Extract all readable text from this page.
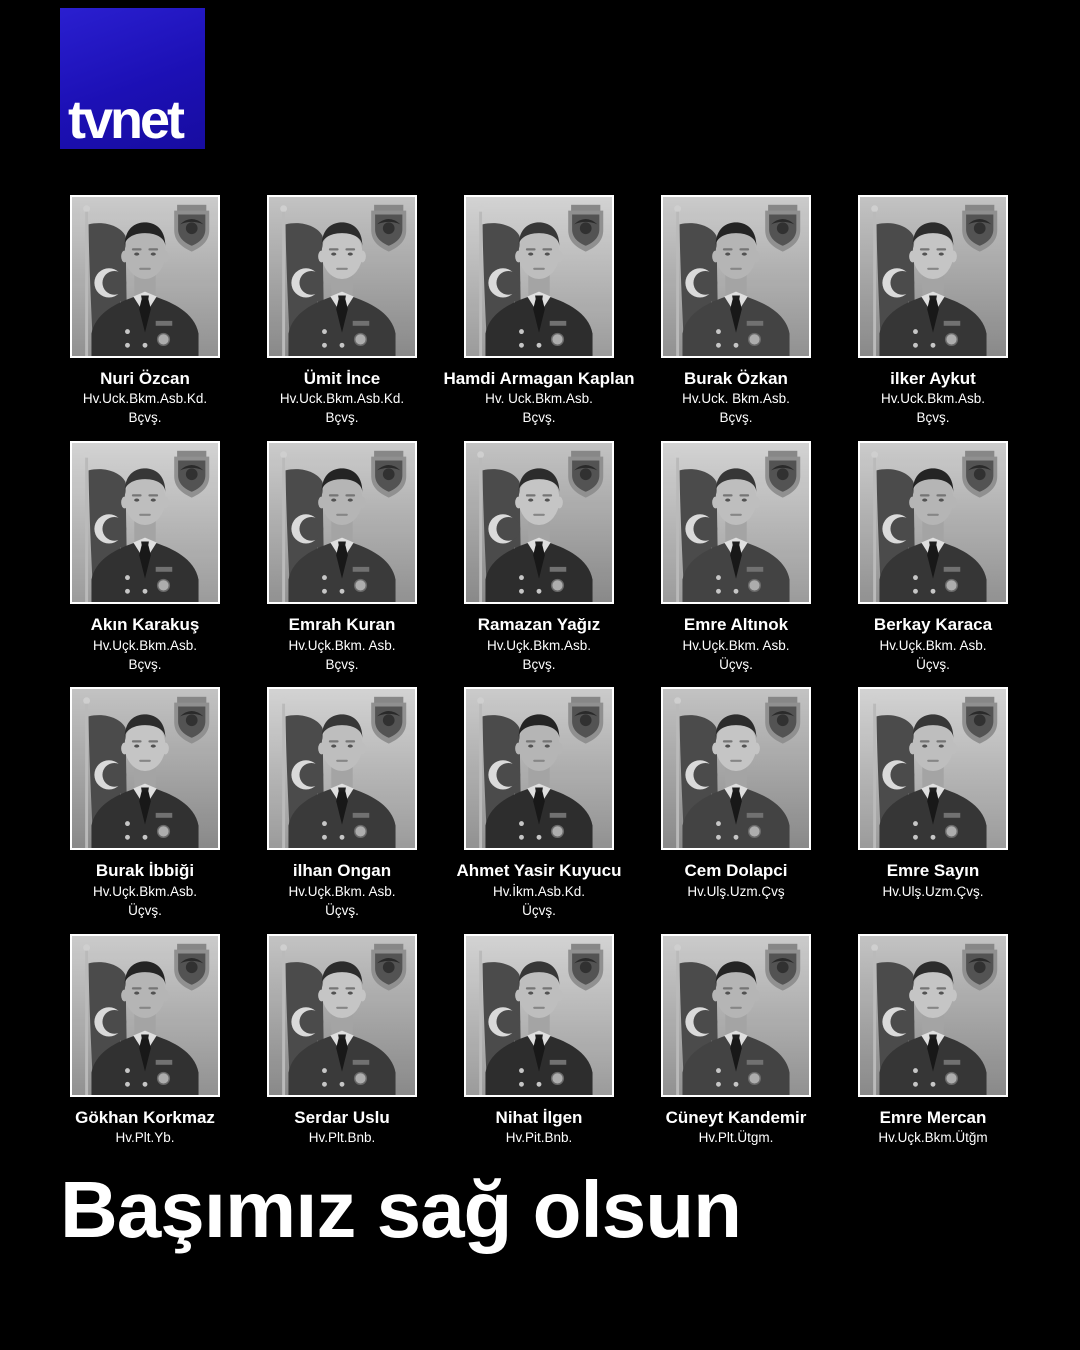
tvnet
Nuri Özcan
Hv.Uck.Bkm.Asb.Kd.
Bçvş.
Ümit İnce
Hv.Uck.Bkm.Asb.Kd.
Bçvş.
Hamdi Armagan Kaplan
Hv. Uck.Bkm.Asb.
Bçvş.
Burak Özkan
Hv.Uck. Bkm.Asb.
Bçvş.
ilker Aykut
Hv.Uck.Bkm.Asb.
Bçvş.
Akın Karakuş
Hv.Uçk.Bkm.Asb.
Bçvş.
Emrah Kuran
Hv.Uçk.Bkm. Asb.
Bçvş.
Ramazan Yağız
Hv.Uçk.Bkm.Asb.
Bçvş.
Emre Altınok
Hv.Uçk.Bkm. Asb.
Üçvş.
Berkay Karaca
Hv.Uçk.Bkm. Asb.
Üçvş.
Burak İbbiği
Hv.Uçk.Bkm.Asb.
Üçvş.
ilhan Ongan
Hv.Uçk.Bkm. Asb.
Üçvş.
Ahmet Yasir Kuyucu
Hv.İkm.Asb.Kd.
Üçvş.
Cem Dolapci
Hv.Ulş.Uzm.Çvş
Emre Sayın
Hv.Ulş.Uzm.Çvş.
Gökhan Korkmaz
Hv.Plt.Yb.
Serdar Uslu
Hv.Plt.Bnb.
Nihat İlgen
Hv.Pit.Bnb.
Cüneyt Kandemir
Hv.Plt.Ütgm.
Emre Mercan
Hv.Uçk.Bkm.Ütğm
Başımız sağ olsun
